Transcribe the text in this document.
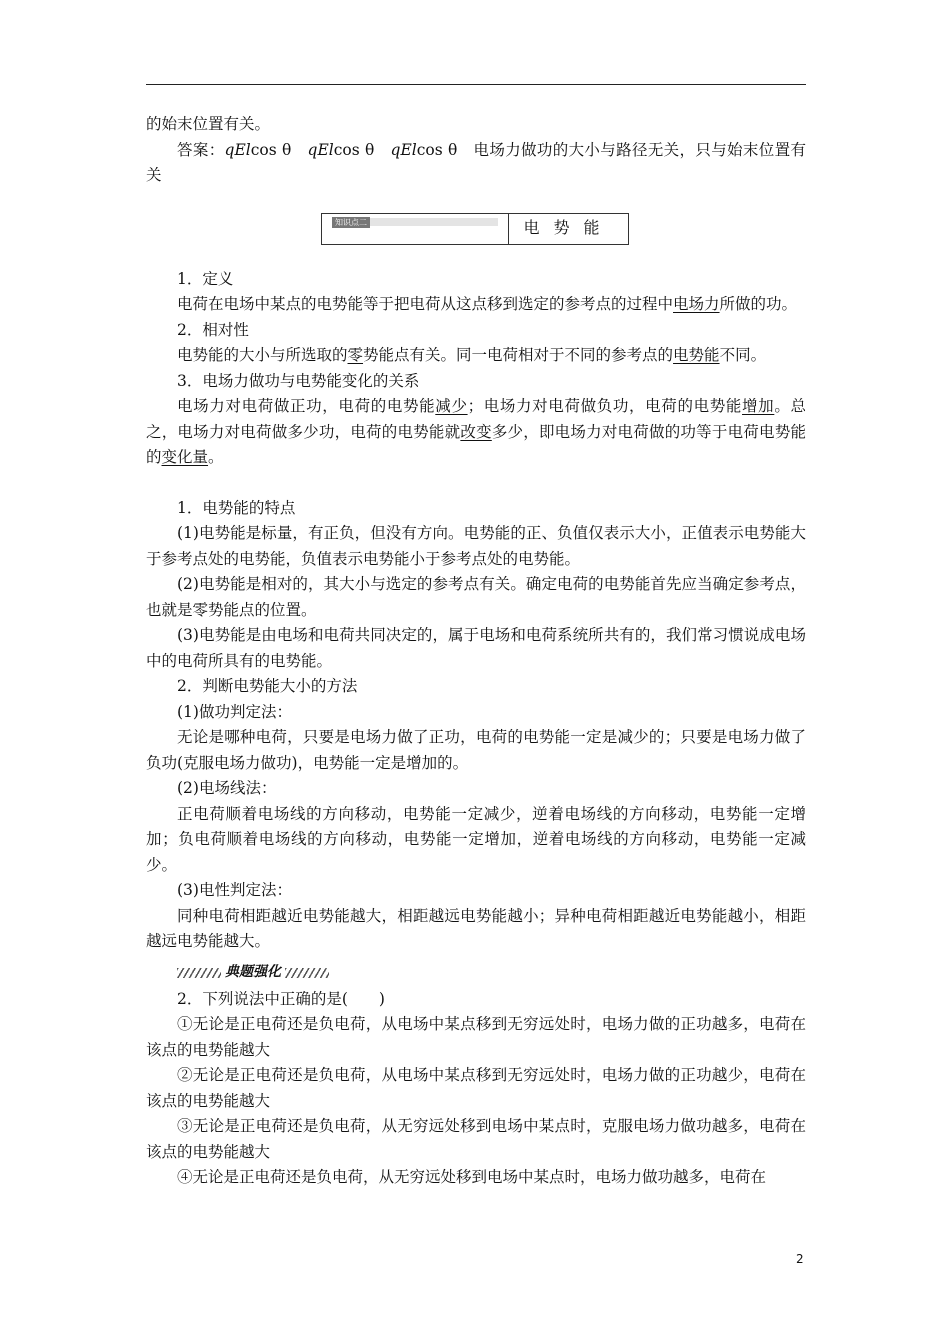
的始末位置有关。

答案：qElcos θ　 qElcos θ　 qElcos θ　 电场力做功的大小与路径无关，只与始末位置有关

知识点二	电势能

1．定义

电荷在电场中某点的电势能等于把电荷从这点移到选定的参考点的过程中电场力所做的功。

2．相对性

电势能的大小与所选取的零势能点有关。同一电荷相对于不同的参考点的电势能不同。

3．电场力做功与电势能变化的关系

电场力对电荷做正功，电荷的电势能减少；电场力对电荷做负功，电荷的电势能增加。总之，电场力对电荷做多少功，电荷的电势能就改变多少，即电场力对电荷做的功等于电荷电势能的变化量。

1．电势能的特点

(1)电势能是标量，有正负，但没有方向。电势能的正、负值仅表示大小，正值表示电势能大于参考点处的电势能，负值表示电势能小于参考点处的电势能。

(2)电势能是相对的，其大小与选定的参考点有关。确定电荷的电势能首先应当确定参考点，也就是零势能点的位置。

(3)电势能是由电场和电荷共同决定的，属于电场和电荷系统所共有的，我们常习惯说成电场中的电荷所具有的电势能。

2．判断电势能大小的方法

(1)做功判定法：

无论是哪种电荷，只要是电场力做了正功，电荷的电势能一定是减少的；只要是电场力做了负功(克服电场力做功)，电势能一定是增加的。

(2)电场线法：

正电荷顺着电场线的方向移动，电势能一定减少，逆着电场线的方向移动，电势能一定增加；负电荷顺着电场线的方向移动，电势能一定增加，逆着电场线的方向移动，电势能一定减少。

(3)电性判定法：

同种电荷相距越近电势能越大，相距越远电势能越小；异种电荷相距越近电势能越小，相距越远电势能越大。

典题强化

2．下列说法中正确的是(　　)

①无论是正电荷还是负电荷，从电场中某点移到无穷远处时，电场力做的正功越多，电荷在该点的电势能越大

②无论是正电荷还是负电荷，从电场中某点移到无穷远处时，电场力做的正功越少，电荷在该点的电势能越大

③无论是正电荷还是负电荷，从无穷远处移到电场中某点时，克服电场力做功越多，电荷在该点的电势能越大

④无论是正电荷还是负电荷，从无穷远处移到电场中某点时，电场力做功越多，电荷在

2
